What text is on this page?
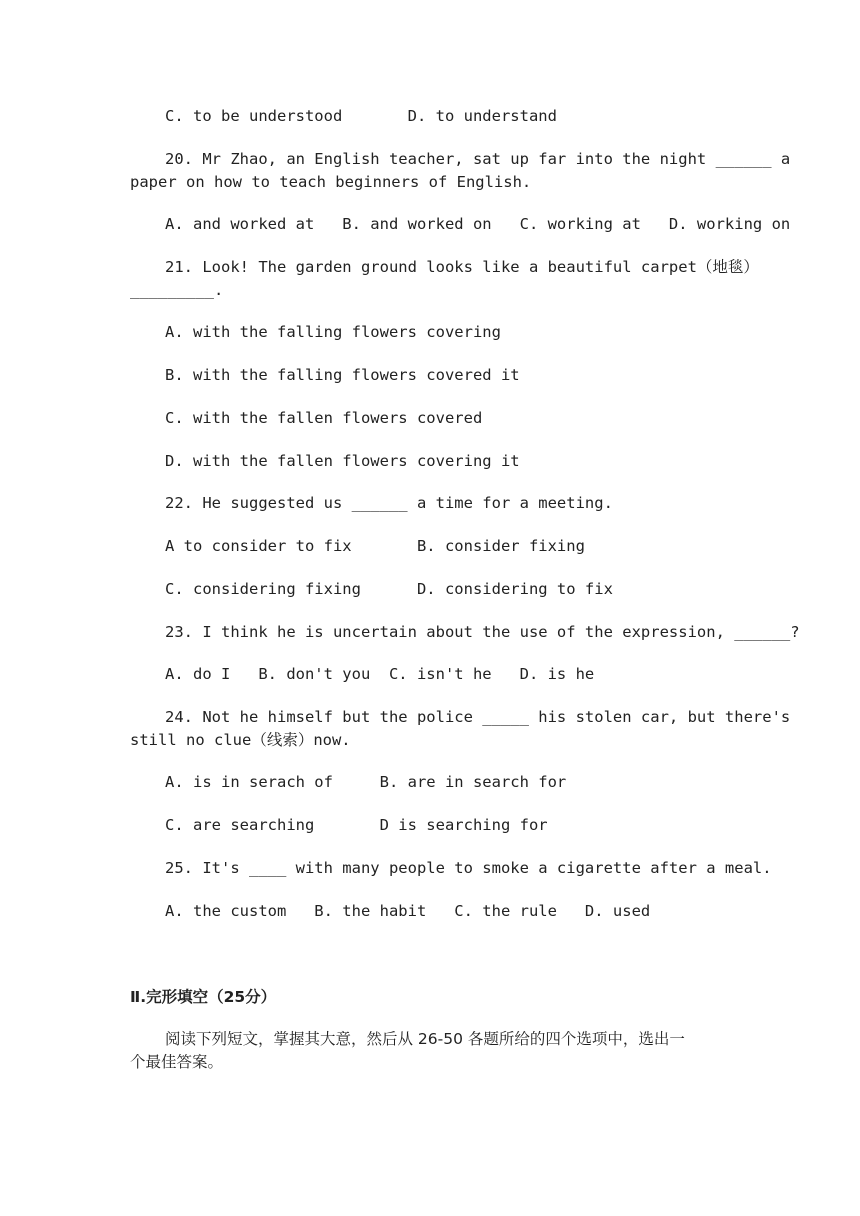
C. to be understood       D. to understand
20. Mr Zhao, an English teacher, sat up far into the night ______ a
paper on how to teach beginners of English.
A. and worked at   B. and worked on   C. working at   D. working on
21. Look! The garden ground looks like a beautiful carpet（地毯）
_________.
A. with the falling flowers covering
B. with the falling flowers covered it
C. with the fallen flowers covered
D. with the fallen flowers covering it
22. He suggested us ______ a time for a meeting.
A to consider to fix       B. consider fixing
C. considering fixing      D. considering to fix
23. I think he is uncertain about the use of the expression, ______?
A. do I   B. don't you  C. isn't he   D. is he
24. Not he himself but the police _____ his stolen car, but there's
still no clue（线索）now.
A. is in serach of     B. are in search for
C. are searching       D is searching for
25. It's ____ with many people to smoke a cigarette after a meal.
A. the custom   B. the habit   C. the rule   D. used
Ⅱ.完形填空（25分）
阅读下列短文，掌握其大意，然后从 26-50 各题所给的四个选项中，选出一
个最佳答案。
